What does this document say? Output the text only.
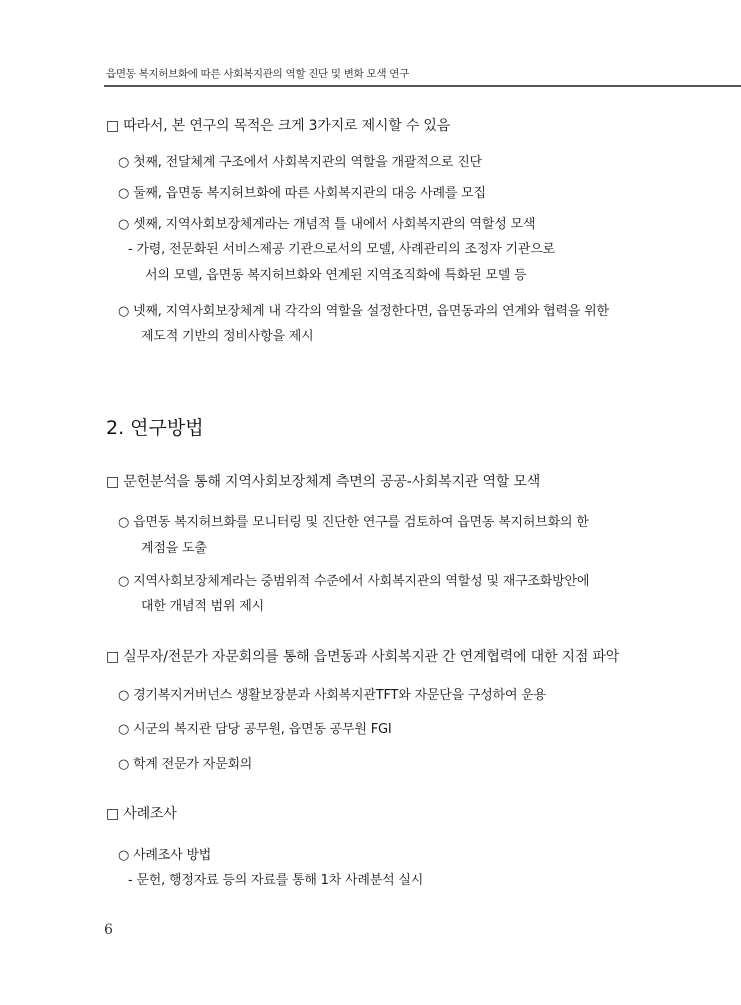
읍면동 복지허브화에 따른 사회복지관의 역할 진단 및 변화 모색 연구
□ 따라서, 본 연구의 목적은 크게 3가지로 제시할 수 있음
○ 첫째, 전달체계 구조에서 사회복지관의 역할을 개괄적으로 진단
○ 둘째, 읍면동 복지허브화에 따른 사회복지관의 대응 사례를 모집
○ 셋째, 지역사회보장체계라는 개념적 틀 내에서 사회복지관의 역할성 모색
- 가령, 전문화된 서비스제공 기관으로서의 모델, 사례관리의 조정자 기관으로
서의 모델, 읍면동 복지허브화와 연계된 지역조직화에 특화된 모델 등
○ 넷째, 지역사회보장체계 내 각각의 역할을 설정한다면, 읍면동과의 연계와 협력을 위한
제도적 기반의 정비사항을 제시
2. 연구방법
□ 문헌분석을 통해 지역사회보장체계 측면의 공공-사회복지관 역할 모색
○ 읍면동 복지허브화를 모니터링 및 진단한 연구를 검토하여 읍면동 복지허브화의 한
계점을 도출
○ 지역사회보장체계라는 중범위적 수준에서 사회복지관의 역할성 및 재구조화방안에
대한 개념적 범위 제시
□ 실무자/전문가 자문회의를 통해 읍면동과 사회복지관 간 연계협력에 대한 지점 파악
○ 경기복지거버넌스 생활보장분과 사회복지관TFT와 자문단을 구성하여 운용
○ 시군의 복지관 담당 공무원, 읍면동 공무원 FGI
○ 학계 전문가 자문회의
□ 사례조사
○ 사례조사 방법
- 문헌, 행정자료 등의 자료를 통해 1차 사례분석 실시
6
